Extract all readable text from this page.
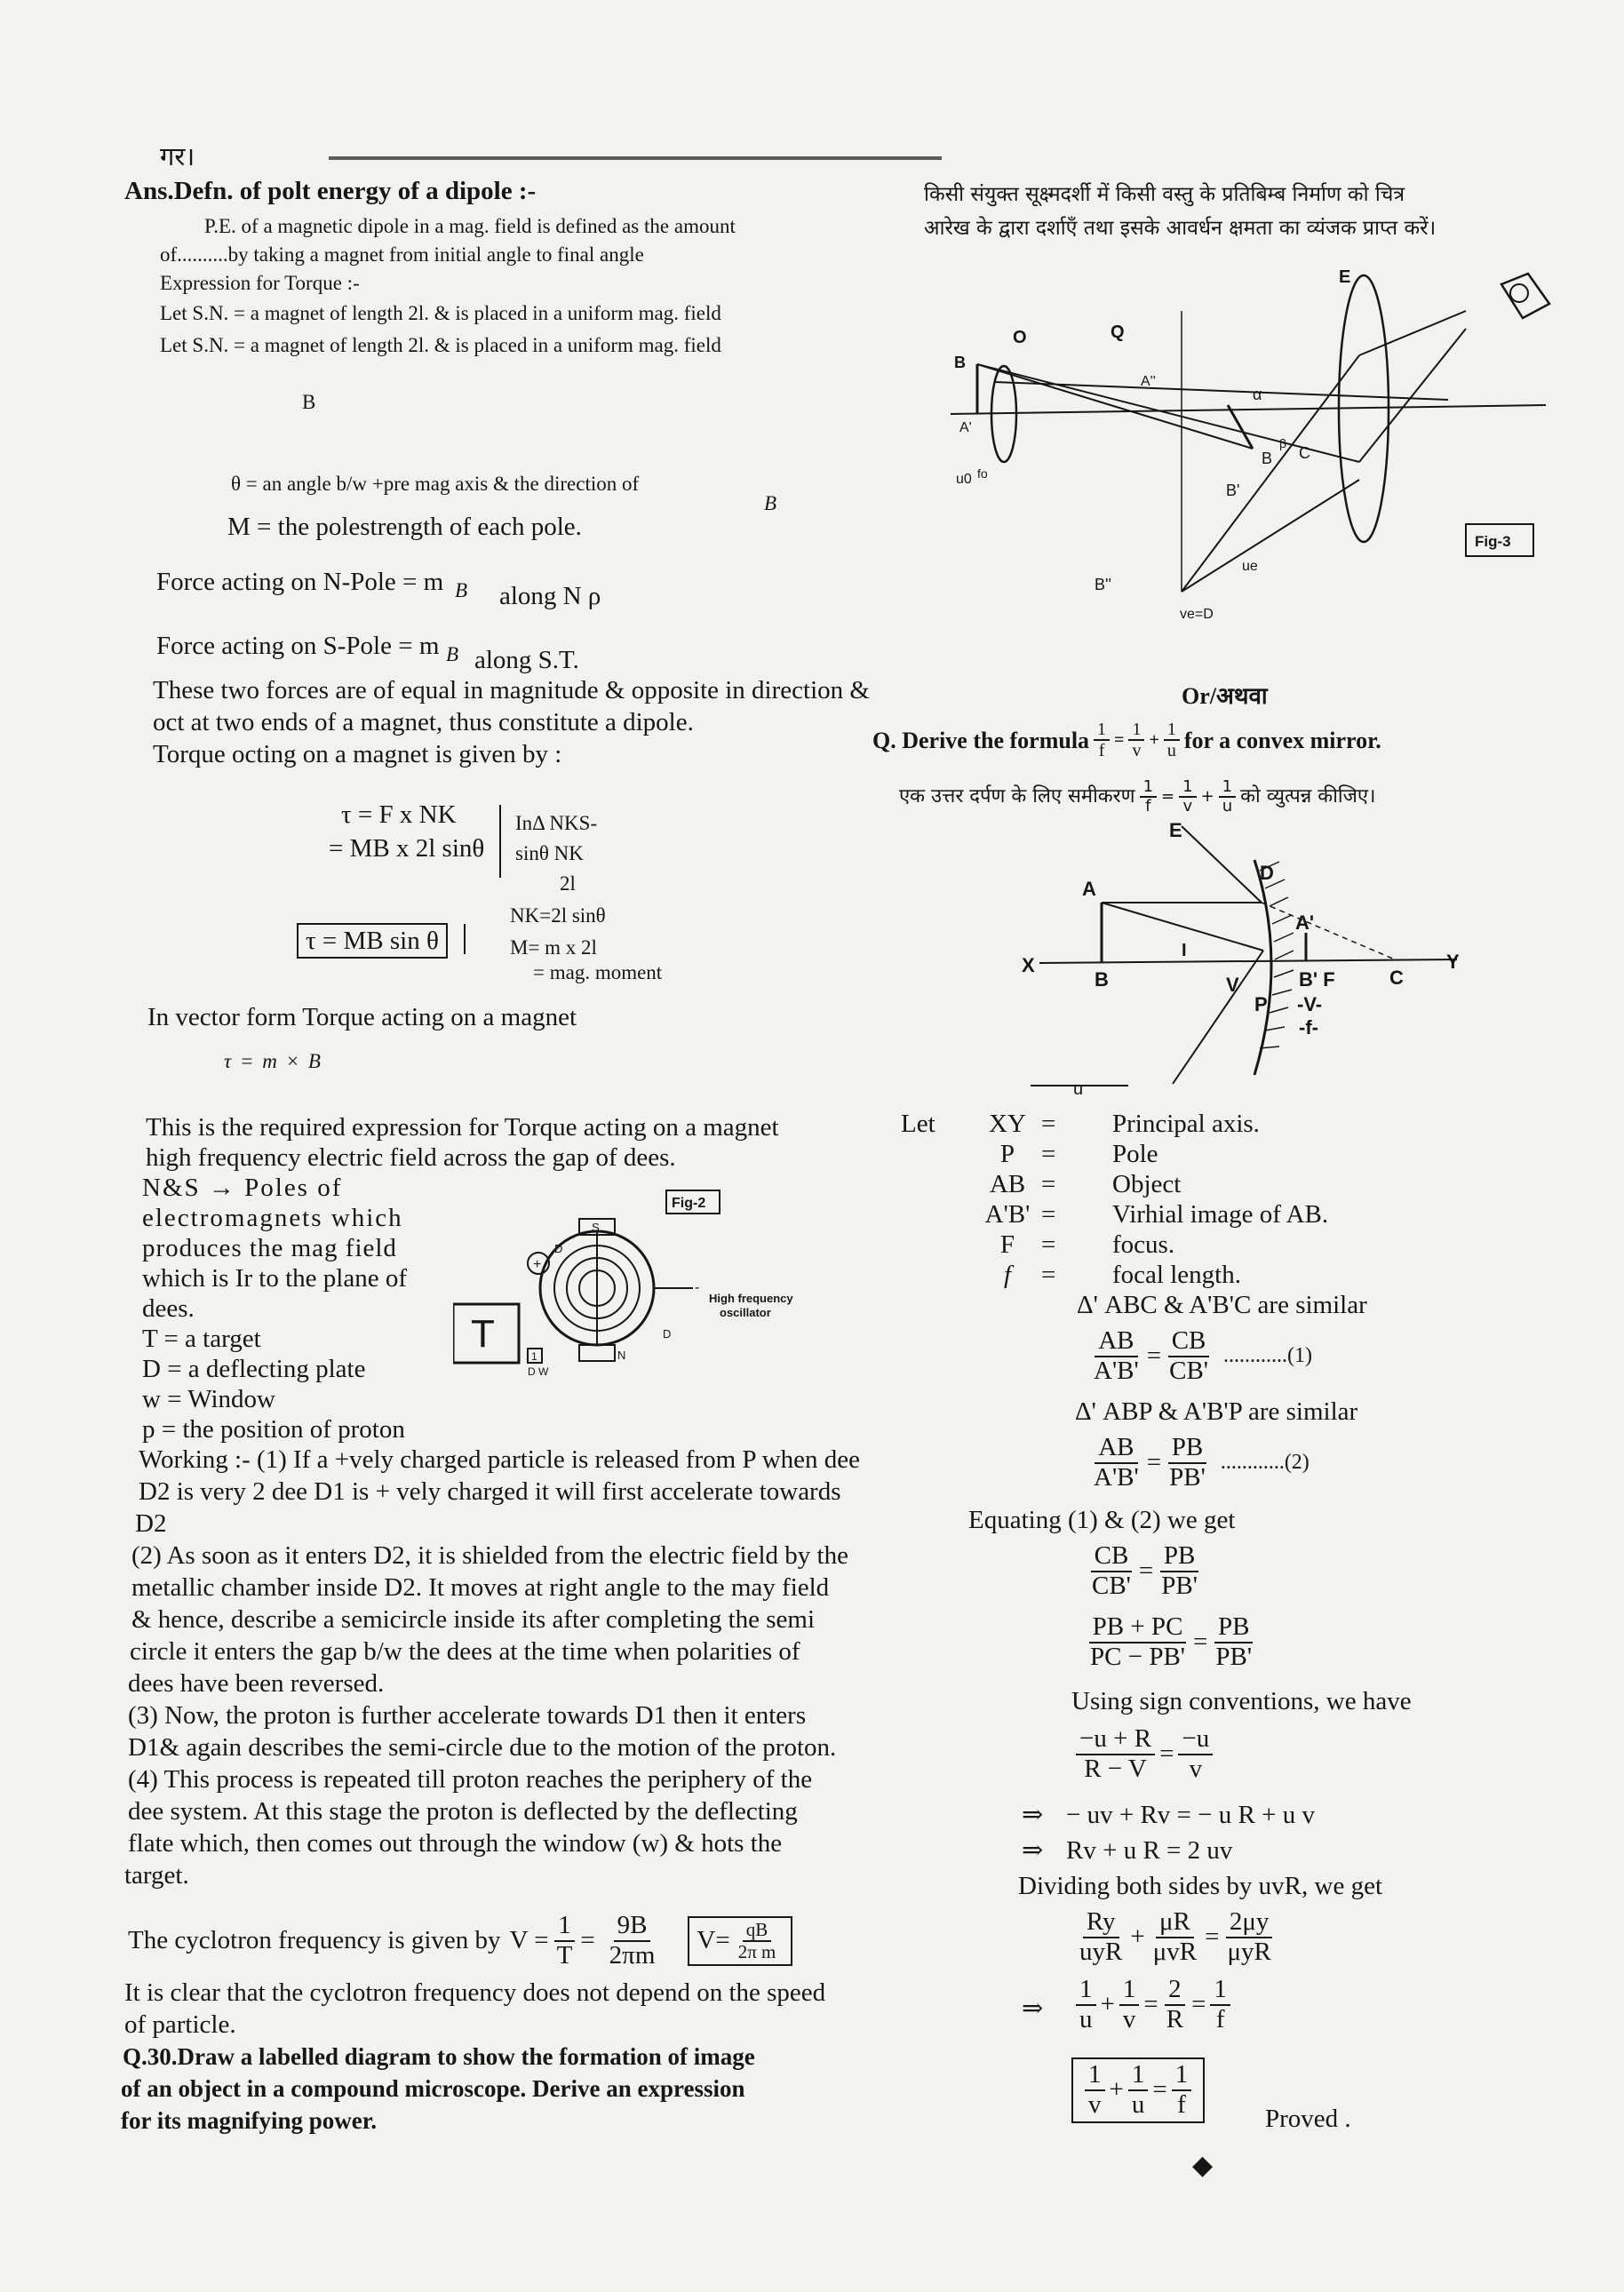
गर।
Ans.Defn. of polt energy of a dipole :-
P.E. of a magnetic dipole in a mag. field is defined as the amount
of..........by taking a magnet from initial angle to final angle
Expression for Torque :-
Let S.N. = a magnet of length 2l. & is placed in a uniform mag. field
Let S.N. = a magnet of length 2l. & is placed in a uniform mag. field
B
θ = an angle b/w +pre mag axis & the direction of
B
M = the polestrength of each pole.
Force acting on N-Pole = m B along N ρ
Force acting on S-Pole = m B along S.T.
These two forces are of equal in magnitude & opposite in direction &
oct at two ends of a magnet, thus constitute a dipole.
Torque octing on a magnet is given by :
τ = F x NK
= MB x 2l sinθ
InΔ NKS-
sinθ NK
2l
NK=2l sinθ
M= m x 2l
= mag. moment
τ = MB sin θ
In vector form Torque acting on a magnet
τ = m × B
This is the required expression for Torque acting on a magnet
high frequency electric field across the gap of dees.
N&S → Poles of
electromagnets which
produces the mag field
which is Ir to the plane of
dees.
T = a target
D = a deflecting plate
w = Window
p = the position of proton
Fig-2
T
S
N
+
D
D
-
High frequency
oscillator
1
D W
Working :- (1) If a +vely charged particle is released from P when dee
D2 is very 2 dee D1 is + vely charged it will first accelerate towards
D2
(2) As soon as it enters D2, it is shielded from the electric field by the
metallic chamber inside D2. It moves at right angle to the may field
& hence, describe a semicircle inside its after completing the semi
circle it enters the gap b/w the dees at the time when polarities of
dees have been reversed.
(3) Now, the proton is further accelerate towards D1 then it enters
D1& again describes the semi-circle due to the motion of the proton.
(4) This process is repeated till proton reaches the periphery of the
dee system. At this stage the proton is deflected by the deflecting
flate which, then comes out through the window (w) & hots the
target.
The cyclotron frequency is given by $V = \frac{1}{T} = \frac{9B}{2\pi m} V= \frac{qB}{\text{2π m}}$
It is clear that the cyclotron frequency does not depend on the speed
of particle.
Q.30.Draw a labelled diagram to show the formation of image
of an object in a compound microscope. Derive an expression
for its magnifying power.
किसी संयुक्त सूक्ष्मदर्शी में किसी वस्तु के प्रतिबिम्ब निर्माण को चित्र
आरेख के द्वारा दर्शाएँ तथा इसके आवर्धन क्षमता का व्यंजक प्राप्त करें।
E
O	Q
B
A'
A''
α
β
B C
B'
B''
fo
u0
ue
ve=D
Fig-3
Or/अथवा
Q. Derive the formula $\frac{1}{f} = \frac{1}{v} + \frac{1}{u}$ for a convex mirror.
एक उत्तर दर्पण के लिए समीकरण $\frac{1}{f} = \frac{1}{v} + \frac{1}{u}$ को व्युत्पन्न कीजिए।
E
A
D
A'
X
B
I
B' F	C
Y
V
P -V-
-f-
u
Let	XY =	Principal axis.
P	=	Pole
AB =	Object
A'B' =	Virhial image of AB.
F	=	focus.
f	=	focal length.
Δ' ABC & A'B'C are similar
$\frac{AB}{A'B'} = \frac{CB}{CB'} ............(1)$
Δ' ABP & A'B'P are similar
$\frac{AB}{A'B'} = \frac{PB}{PB'} ............(2)$
Equating (1) & (2) we get
$\frac{CB}{CB'} = \frac{PB}{PB'}$
$\frac{PB + PC}{PC - PB'} = \frac{PB}{PB'}$
Using sign conventions, we have
$\frac{-u + R}{R - V} = \frac{-u}{v}$
⇒ − uv + Rv = − u R + u v
⇒ Rv + u R = 2 uv
Dividing both sides by uvR, we get
$\frac{Ry}{\text{uyR}} + \frac{\mu R}{\text{μvR}} = \frac{2\mu y}{\text{μyR}}$
⇒ $\frac{1}{u} + \frac{1}{v} = \frac{2}{R} = \frac{1}{f}$
$\frac{1}{v} + \frac{1}{u} = \frac{1}{f}$	Proved .
◆
